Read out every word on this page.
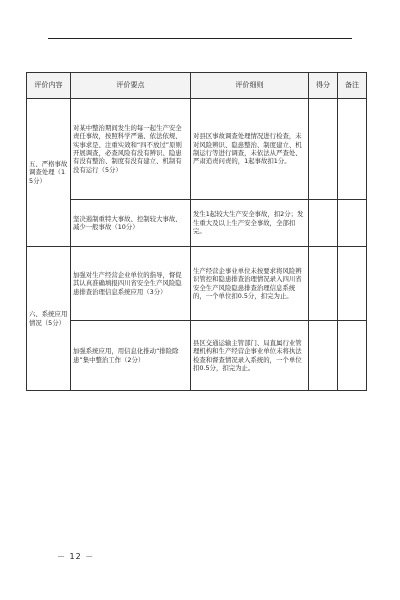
评价内容	评价要点	评价细则	得分	备注
五、严格事故调查处理（15分）	对某中整治期间发生的每一起生产安全责任事故，按照科学严谨、依法依规、实事求是、注重实效和“四不放过”原则开展调查，必查风险有没有辨识、隐患有没有整治、制度有没有建立、机制有没有运行（5分）	对县区事故调查处理情况进行检查，未对风险辨识、隐患整治、制度建立、机制运行等进行调查，未依法从严查处、严肃追责问责的，1起事故扣1分。		
	坚决遏制重特大事故、控制较大事故、减少一般事故（10分）	发生1起较大生产安全事故，扣2分；发生重大及以上生产安全事故，全部扣完。		
六、系统应用情况（5分）	加强对生产经营企业单位的指导，督促其认真准确填报四川省安全生产风险隐患排查治理信息系统应用（3分）	生产经营企事业单位未按要求将风险辨识管控和隐患排查治理情况录入四川省安全生产风险隐患排查治理信息系统的，一个单位扣0.5分，扣完为止。		
	加强系统应用，用信息化推动“排险除患”集中整治工作（2分）	县区交通运输主管部门、局直属行业管理机构和生产经营企事业单位未将执法检查和督查情况录入系统的，一个单位扣0.5分，扣完为止。		
－ 12 －
